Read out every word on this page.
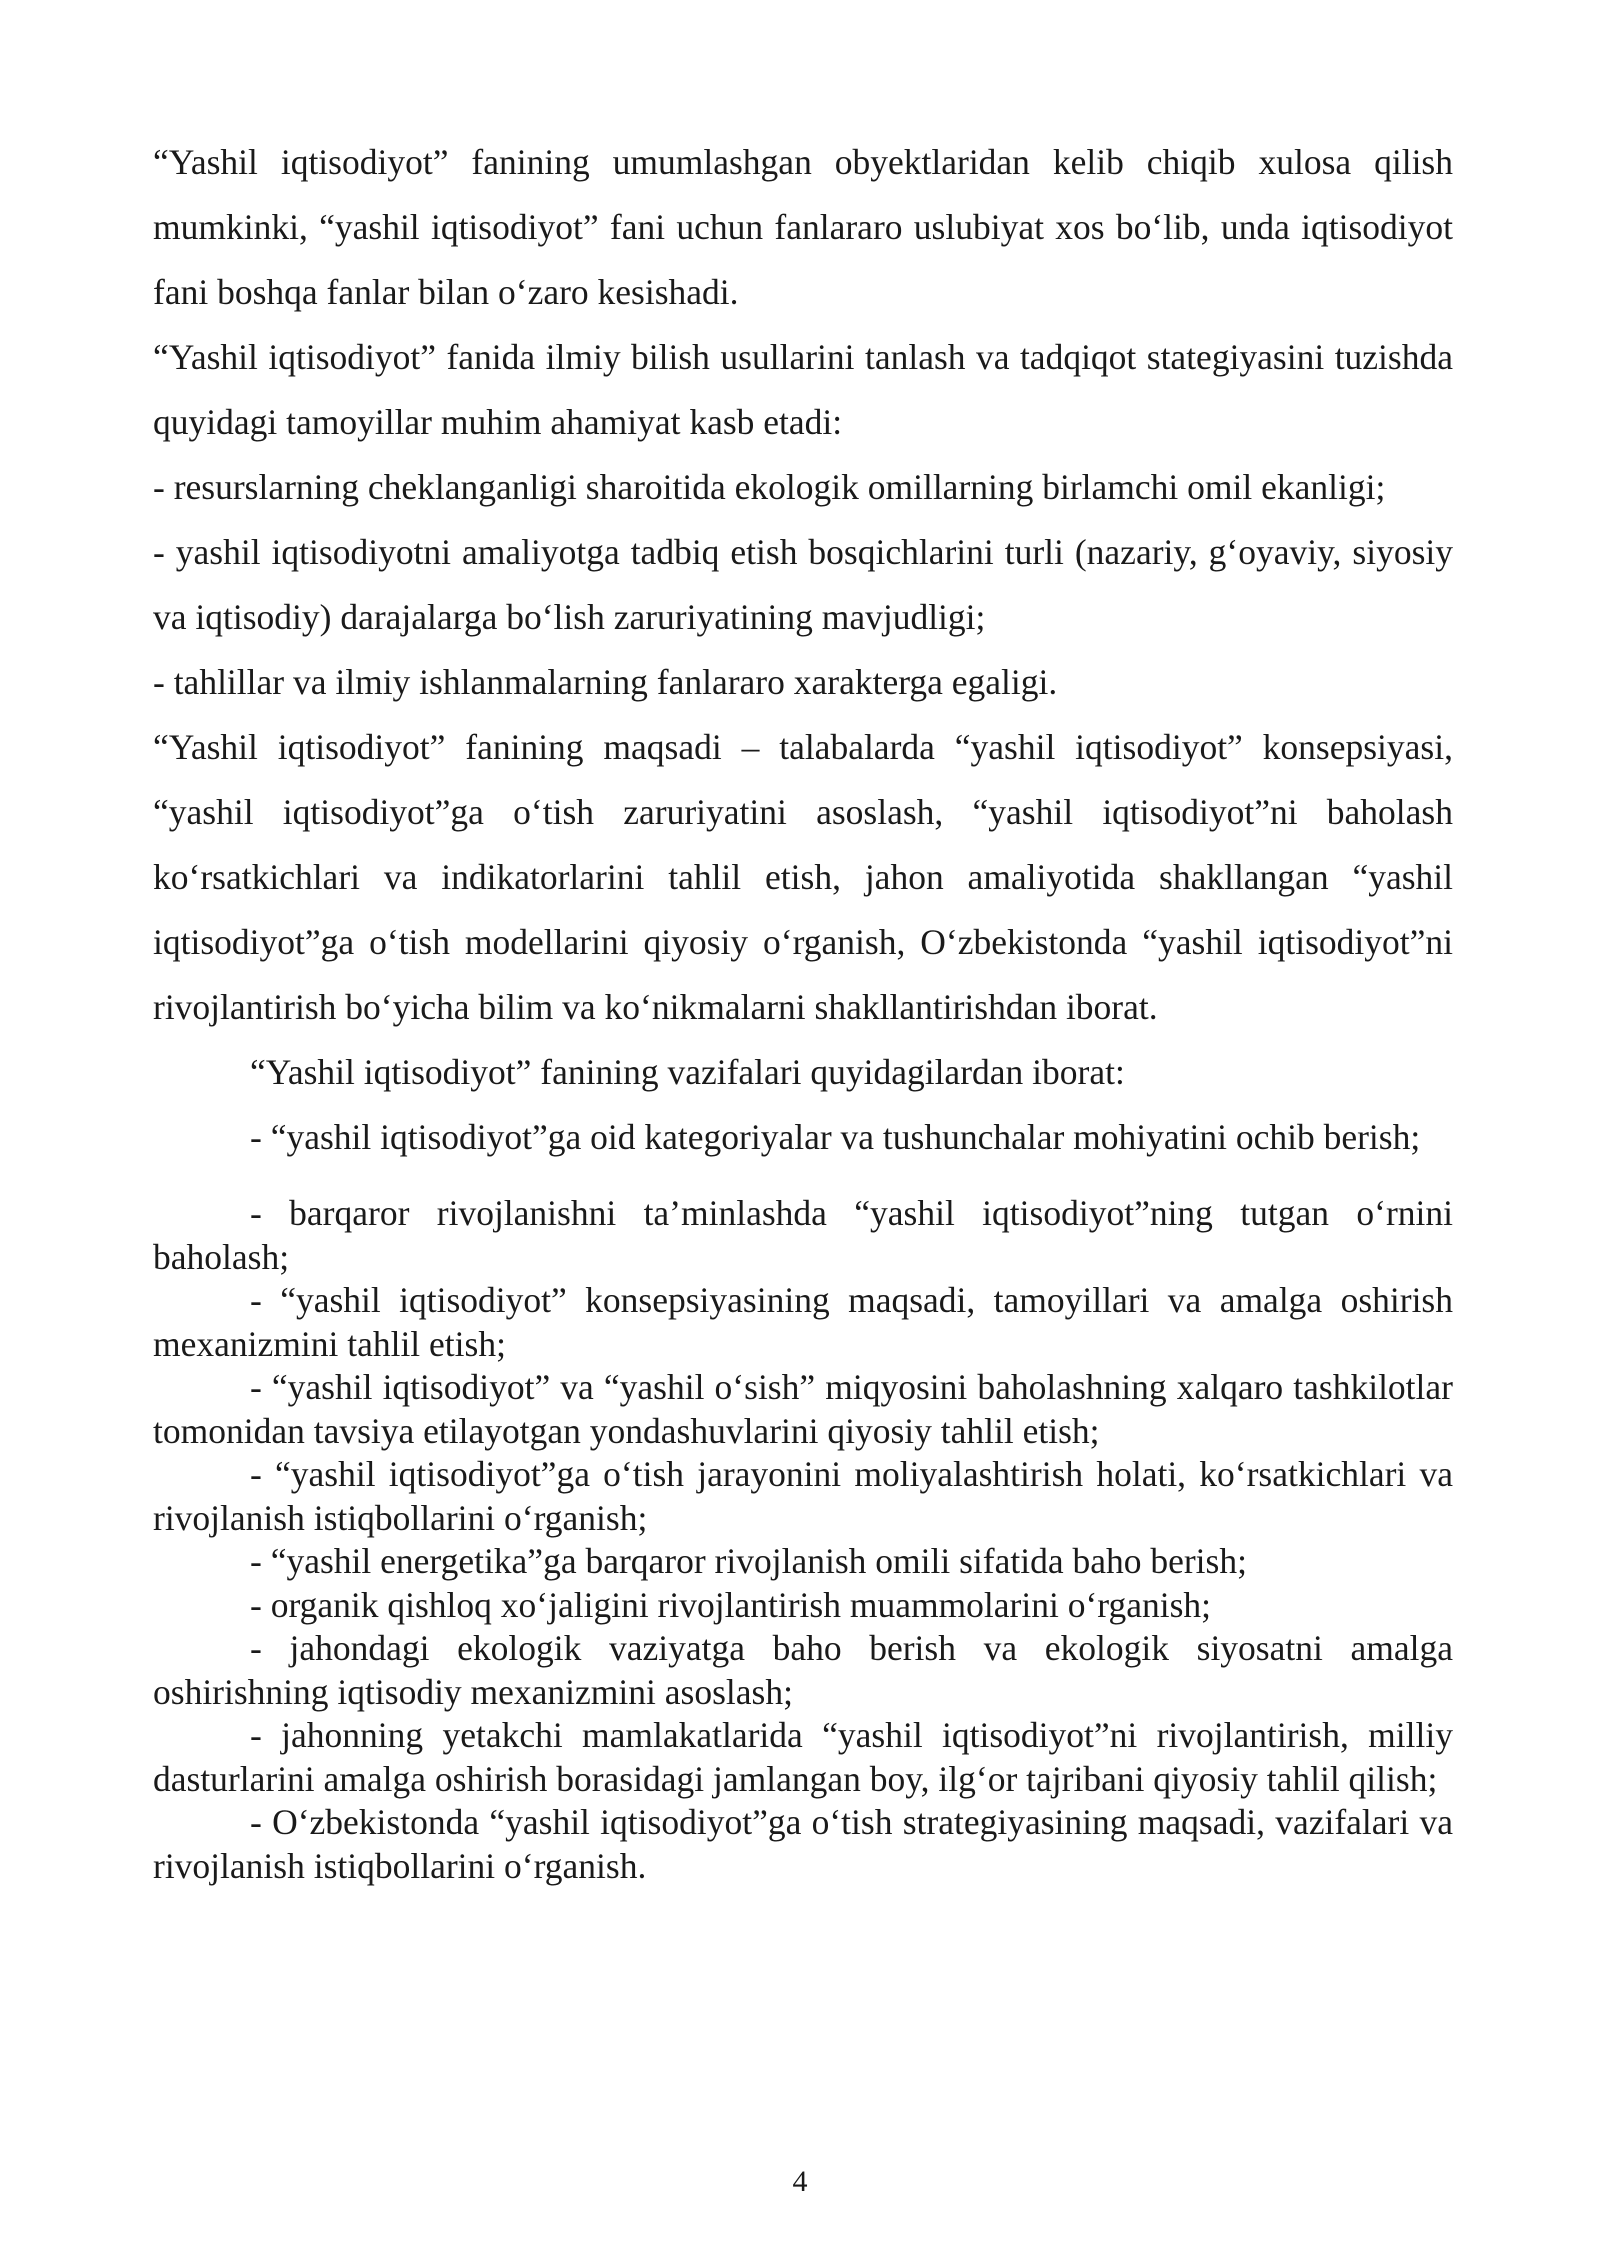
“Yashil iqtisodiyot” fanining umumlashgan obyektlaridan kelib chiqib xulosa qilish mumkinki, “yashil iqtisodiyot” fani uchun fanlararo uslubiyat xos bo‘lib, unda iqtisodiyot fani boshqa fanlar bilan o‘zaro kesishadi.

“Yashil iqtisodiyot” fanida ilmiy bilish usullarini tanlash va tadqiqot stategiyasini tuzishda quyidagi tamoyillar muhim ahamiyat kasb etadi:

- resurslarning cheklanganligi sharoitida ekologik omillarning birlamchi omil ekanligi;

- yashil iqtisodiyotni amaliyotga tadbiq etish bosqichlarini turli (nazariy, g‘oyaviy, siyosiy va iqtisodiy) darajalarga bo‘lish zaruriyatining mavjudligi;

- tahlillar va ilmiy ishlanmalarning fanlararo xarakterga egaligi.

“Yashil iqtisodiyot” fanining maqsadi – talabalarda “yashil iqtisodiyot” konsepsiyasi, “yashil iqtisodiyot”ga o‘tish zaruriyatini asoslash, “yashil iqtisodiyot”ni baholash ko‘rsatkichlari va indikatorlarini tahlil etish, jahon amaliyotida shakllangan “yashil iqtisodiyot”ga o‘tish modellarini qiyosiy o‘rganish, O‘zbekistonda “yashil iqtisodiyot”ni rivojlantirish bo‘yicha bilim va ko‘nikmalarni shakllantirishdan iborat.

“Yashil iqtisodiyot” fanining vazifalari quyidagilardan iborat:

- “yashil iqtisodiyot”ga oid kategoriyalar va tushunchalar mohiyatini ochib berish;

- barqaror rivojlanishni ta’minlashda “yashil iqtisodiyot”ning tutgan o‘rnini baholash;

- “yashil iqtisodiyot” konsepsiyasining maqsadi, tamoyillari va amalga oshirish mexanizmini tahlil etish;

- “yashil iqtisodiyot” va “yashil o‘sish” miqyosini baholashning xalqaro tashkilotlar tomonidan tavsiya etilayotgan yondashuvlarini qiyosiy tahlil etish;

- “yashil iqtisodiyot”ga o‘tish jarayonini moliyalashtirish holati, ko‘rsatkichlari va rivojlanish istiqbollarini o‘rganish;

- “yashil energetika”ga barqaror rivojlanish omili sifatida baho berish;

- organik qishloq xo‘jaligini rivojlantirish muammolarini o‘rganish;

- jahondagi ekologik vaziyatga baho berish va ekologik siyosatni amalga oshirishning iqtisodiy mexanizmini asoslash;

- jahonning yetakchi mamlakatlarida “yashil iqtisodiyot”ni rivojlantirish, milliy dasturlarini amalga oshirish borasidagi jamlangan boy, ilg‘or tajribani qiyosiy tahlil qilish;

- O‘zbekistonda “yashil iqtisodiyot”ga o‘tish strategiyasining maqsadi, vazifalari va rivojlanish istiqbollarini o‘rganish.

4
